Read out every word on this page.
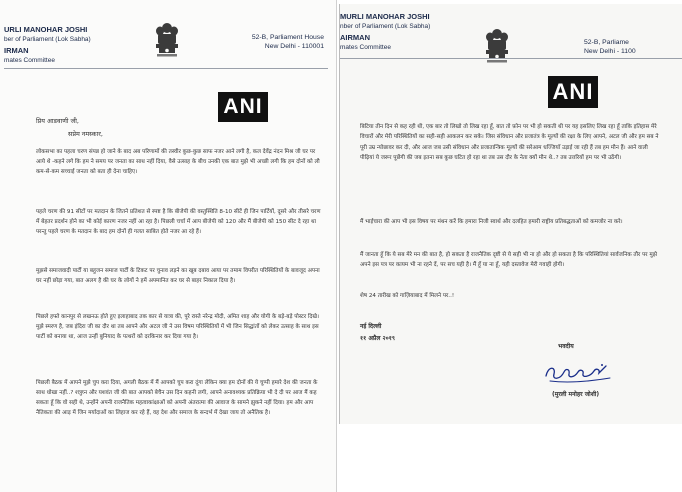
URLI MANOHAR JOSHI
ber of Parliament (Lok Sabha)
IRMAN
mates Committee
52-B, Parliament House
New Delhi - 110001
ANI
प्रिय आडवाणी जी,
सप्रेम नमस्कार,
लोकसभा का पहला चरण संपन्न हो जाने के बाद अब परिणामों की तस्वीर कुछ-कुछ साफ नजर आने लगी है, कल देवेंद्र नंदन मिश्र जी घर पर आये थे -कहने लगे कि हम ने समय पर जनता का साथ नहीं दिया, वैसे उत्साह के बीच उनकी एक बात मुझे भी अच्छी लगी कि हम दोनों को लौ कम-से-कम सच्चाई जनता को बता ही देना चाहिए।
पहले चरण की 91 सीटों पर मतदान के जितने प्रतिशत से स्पष्ट है कि बीजेपी की वस्तुस्थिति 8-10 सीटें ही जिन पार्टियों, दूसरे और तीसरे चरण में बेहतर प्रदर्शन होने का भी कोई कारण नजर नहीं आ रहा है। पिछली चर्चा में आप बीजेपी को 120 और मैं बीजेपी को 150 सीट दे रहा था परन्तु पहले चरण के मतदान के बाद हम दोनों ही गलत साबित होते नजर आ रहे हैं।
मुझसे समाजवादी पार्टी या बहुजन समाज पार्टी के टिकट पर चुनाव लड़ने का खूब दबाव आया पर तमाम विपरीत परिस्थितियों के बावजूद अपना घर नहीं छोड़ा गया, बात अलग है की घर के लोगों ने हमें अपमानित कर घर से बाहर निकाल दिया है।
पिछले हफ्ते कानपुर से लखनऊ होते हुए इलाहाबाद तक कार से यात्रा की, पूरे रास्ते नरेन्द्र मोदी, अमित शाह और योगी के बड़े-बड़े पोस्टर दिखे। मुझे स्मरण है, जब इंदिरा जी का दौर था तब आपने और अटल जी ने उस विषम परिस्थितियों में भी जिन सिद्धांतों को लेकर उत्साह के साथ इस पार्टी को बनाया था, आज उन्हीं बुनियाद के पत्थरों को दरकिनार कर दिया गया है।
पिछली बैठक में आपने मुझे चुप करा दिया, अगली बैठक में मैं आपको चुप करा दूंगा लेकिन क्या हम दोनों की ये चुप्पी हमारे देश की जनता के साथ धोखा नहीं..? शत्रुघ्न और यशवंत जी की बात आपको बेचैन उस दिन कहनी लगी, आपने अनावश्यक प्रतिक्रिया भी दे दी पर आज मैं कह सकता हूँ कि वो सही थे, उन्होंने अपनी राजनैतिक महत्वाकांक्षाओं को अपनी अंतरात्मा की आवाज के सामने झुकने नहीं दिया। हम और आप नैतिकता की आड़ में जिन मर्यादाओं का लिहाज कर रहे हैं, वह देश और समाज के सन्दर्भ में देखा जाय तो अनैतिक है।
MURLI MANOHAR JOSHI
nber of Parliament (Lok Sabha)
AIRMAN
mates Committee
52-B, Parliame
New Delhi - 1100
ANI
बिटिया तीन दिन से कह रही थी, एक बार तो लिखो तो लिख रहा हूँ, बात तो फ़ोन पर भी हो सकती थी पर यह इसलिए लिख रहा हूँ ताकि इतिहास मेरे विचारों और मेरी परिस्थितियों का सही-सही आकलन कर सके। जिस संविधान और प्रजातंत्र के मूल्यों की रक्षा के लिए आपने, अटल जी और हम सब ने पूरी उम्र न्योछावर कर दी, और आज जब उसी संविधान और प्रजातान्त्रिक मूल्यों की सरेआम धज्जियाँ उड़ाई जा रही हैं तब हम मौन हैं। आने वाली पीढ़ियां ये जरूर पूछेंगी की जब इतना सब कुछ घटित हो रहा था तब उस दौर के नेता क्यों मौन थे..? तब उत्तरियों हम पर भी उठेंगी।
मैं भाईचारा की आप भी इस विषय पर मंथन करें कि हमारा निजी स्वार्थ और दलहित हमारी राष्ट्रीय प्रतिबद्धताओं को कमजोर ना करे।
मैं जानता हूँ कि ये सब मेरे मन की बात है, हो सकता है राजनैतिक दृष्टी से ये सही भी ना हो और हो सकता है कि परिस्थितियां सार्वजनिक तौर पर मुझे अपने इस पत्र पर कायम भी ना रहने दें, पर सच यही है। मैं हूँ या ना हूँ, यही दस्तावेज मेरी गवाही होगी।
शेष 24 तारीख को गाज़ियाबाद में मिलने पर..!
नई दिल्ली
११ अप्रैल २०१९
भवदीय
(मुरली मनोहर जोशी)
